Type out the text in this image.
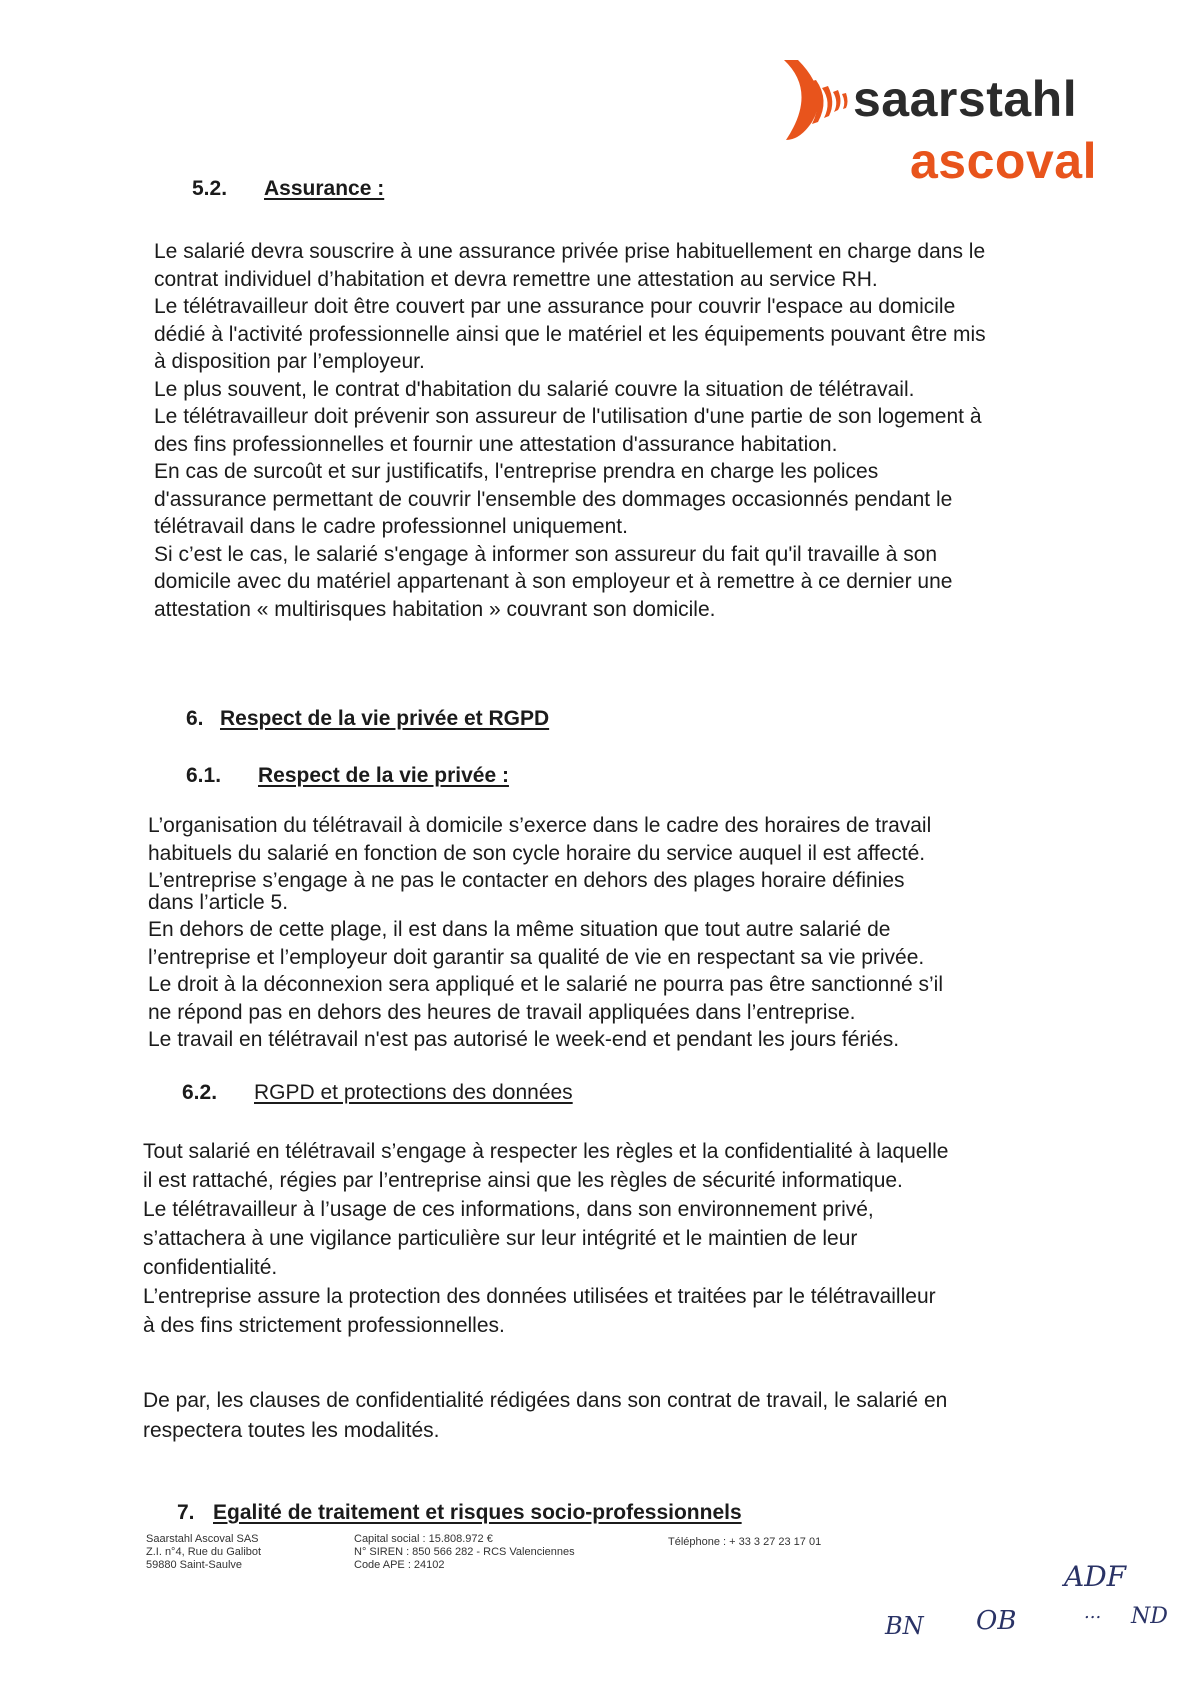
saarstahl
ascoval
5.2. Assurance :
Le salarié devra souscrire à une assurance privée prise habituellement en charge dans le
contrat individuel d’habitation et devra remettre une attestation au service RH.
Le télétravailleur doit être couvert par une assurance pour couvrir l'espace au domicile
dédié à l'activité professionnelle ainsi que le matériel et les équipements pouvant être mis
à disposition par l’employeur.
Le plus souvent, le contrat d'habitation du salarié couvre la situation de télétravail.
Le télétravailleur doit prévenir son assureur de l'utilisation d'une partie de son logement à
des fins professionnelles et fournir une attestation d'assurance habitation.
En cas de surcoût et sur justificatifs, l'entreprise prendra en charge les polices
d'assurance permettant de couvrir l'ensemble des dommages occasionnés pendant le
télétravail dans le cadre professionnel uniquement.
Si c’est le cas, le salarié s'engage à informer son assureur du fait qu'il travaille à son
domicile avec du matériel appartenant à son employeur et à remettre à ce dernier une
attestation « multirisques habitation » couvrant son domicile.
6. Respect de la vie privée et RGPD
6.1. Respect de la vie privée :
L’organisation du télétravail à domicile s’exerce dans le cadre des horaires de travail
habituels du salarié en fonction de son cycle horaire du service auquel il est affecté.
L’entreprise s’engage à ne pas le contacter en dehors des plages horaire définies
dans l’article 5.
En dehors de cette plage, il est dans la même situation que tout autre salarié de
l’entreprise et l’employeur doit garantir sa qualité de vie en respectant sa vie privée.
Le droit à la déconnexion sera appliqué et le salarié ne pourra pas être sanctionné s’il
ne répond pas en dehors des heures de travail appliquées dans l’entreprise.
Le travail en télétravail n'est pas autorisé le week-end et pendant les jours fériés.
6.2. RGPD et protections des données
Tout salarié en télétravail s’engage à respecter les règles et la confidentialité à laquelle
il est rattaché, régies par l’entreprise ainsi que les règles de sécurité informatique.
Le télétravailleur à l’usage de ces informations, dans son environnement privé,
s’attachera à une vigilance particulière sur leur intégrité et le maintien de leur
confidentialité.
L’entreprise assure la protection des données utilisées et traitées par le télétravailleur
à des fins strictement professionnelles.
De par, les clauses de confidentialité rédigées dans son contrat de travail, le salarié en
respectera toutes les modalités.
7. Egalité de traitement et risques socio-professionnels
Saarstahl Ascoval SAS
Z.I. n°4, Rue du Galibot
59880 Saint-Saulve
Capital social : 15.808.972 €
N° SIREN : 850 566 282 - RCS Valenciennes
Code APE : 24102
Téléphone : + 33 3 27 23 17 01
ADF
BN OB	... ND
